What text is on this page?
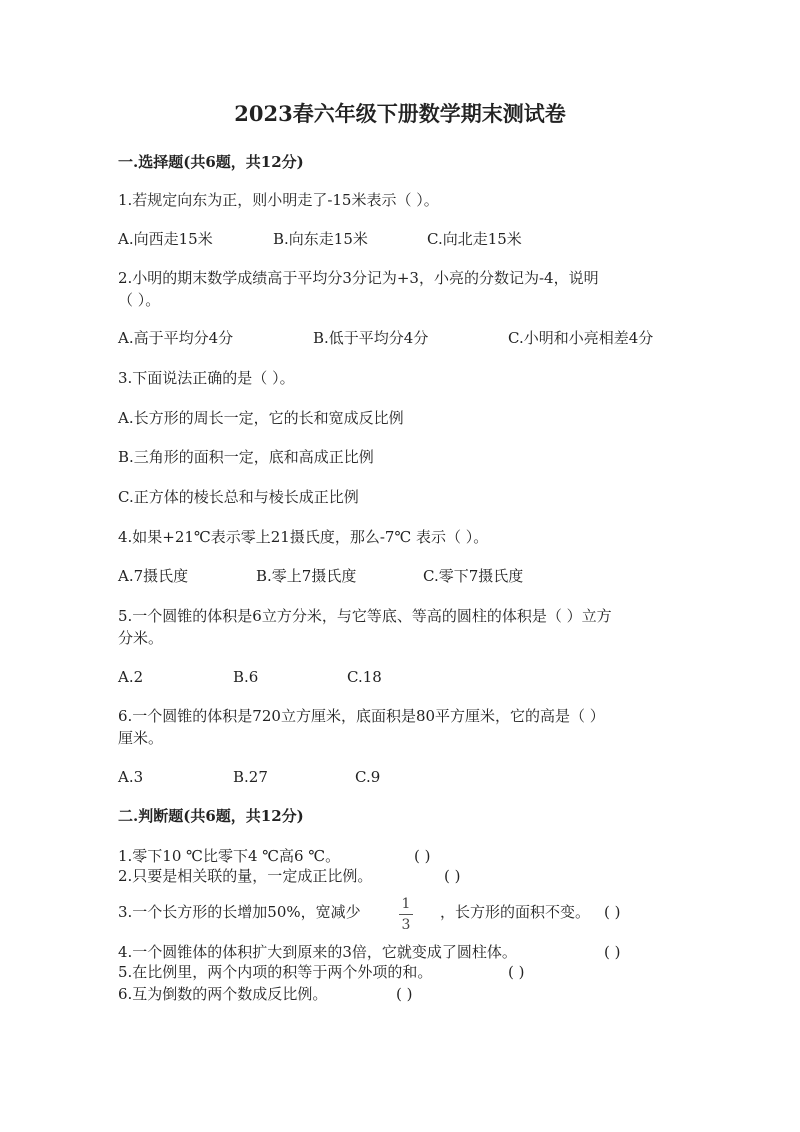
2023春六年级下册数学期末测试卷
一.选择题(共6题，共12分)
1.若规定向东为正，则小明走了-15米表示（ ）。
A.向西走15米	B.向东走15米	C.向北走15米
2.小明的期末数学成绩高于平均分3分记为+3，小亮的分数记为-4，说明
（ ）。
A.高于平均分4分	B.低于平均分4分	C.小明和小亮相差4分
3.下面说法正确的是（ ）。
A.长方形的周长一定，它的长和宽成反比例
B.三角形的面积一定，底和高成正比例
C.正方体的棱长总和与棱长成正比例
4.如果+21℃表示零上21摄氏度，那么-7℃ 表示（ ）。
A.7摄氏度	B.零上7摄氏度	C.零下7摄氏度
5.一个圆锥的体积是6立方分米，与它等底、等高的圆柱的体积是（ ）立方
分米。
A.2	B.6	C.18
6.一个圆锥的体积是720立方厘米，底面积是80平方厘米，它的高是（ ）
厘米。
A.3	B.27	C.9
二.判断题(共6题，共12分)
1.零下10 ℃比零下4 ℃高6 ℃。	( )
2.只要是相关联的量，一定成正比例。	( )
3.一个长方形的长增加50%，宽减少	1
3
，长方形的面积不变。 ( )
4.一个圆锥体的体积扩大到原来的3倍，它就变成了圆柱体。	( )
5.在比例里，两个内项的积等于两个外项的和。	( )
6.互为倒数的两个数成反比例。	( )
